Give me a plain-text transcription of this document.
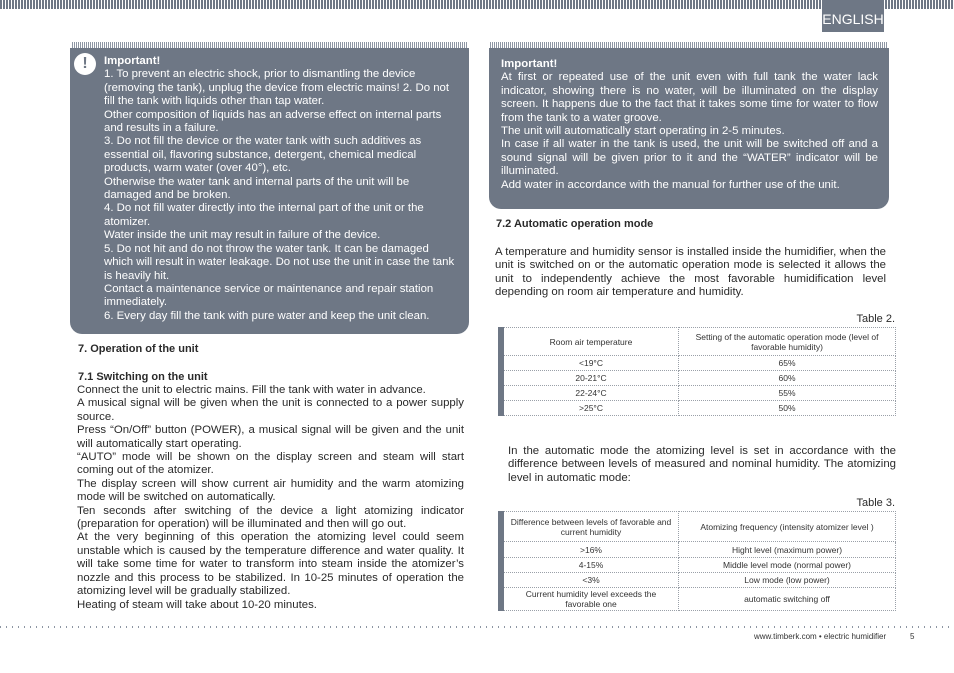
ENGLISH

Important!

1. To prevent an electric shock, prior to dismantling the device (removing the tank), unplug the device from electric mains! 2. Do not fill the tank with liquids other than tap water.

Other composition of liquids has an adverse effect on internal parts and results in a failure.

3. Do not fill the device or the water tank with such additives as essential oil, flavoring substance, detergent, chemical medical products, warm water (over 40°), etc.

Otherwise the water tank and internal parts of the unit will be damaged and be broken.

4. Do not fill water directly into the internal part of the unit or the atomizer.

Water inside the unit may result in failure of the device.

5. Do not hit and do not throw the water tank. It can be damaged which will result in water leakage. Do not use the unit in case the tank is heavily hit.

Contact a maintenance service or maintenance and repair station immediately.

6. Every day fill the tank with pure water and keep the unit clean.

!

7. Operation of the unit

7.1 Switching on the unit

Connect the unit to electric mains. Fill the tank with water in advance.

A musical signal will be given when the unit is connected to a power supply source.

Press “On/Off” button (POWER), a musical signal will be given and the unit will automatically start operating.

“AUTO” mode will be shown on the display screen and steam will start coming out of the atomizer.

The display screen will show current air humidity and the warm atomizing mode will be switched on automatically.

Ten seconds after switching of the device a light atomizing indicator (preparation for operation) will be illuminated and then will go out.

At the very beginning of this operation the atomizing level could seem unstable which is caused by the temperature difference and water quality. It will take some time for water to transform into steam inside the atomizer’s nozzle and this process to be stabilized. In 10-25 minutes of operation the atomizing level will be gradually stabilized.

Heating of steam will take about 10-20 minutes.

Important!

At first or repeated use of the unit even with full tank the water lack indicator, showing there is no water, will be illuminated on the display screen. It happens due to the fact that it takes some time for water to flow from the tank to a water groove.

The unit will automatically start operating in 2-5 minutes.

In case if all water in the tank is used, the unit will be switched off and a sound signal will be given prior to it and the “WATER” indicator will be illuminated.

Add water in accordance with the manual for further use of the unit.

7.2 Automatic operation mode

A temperature and humidity sensor is installed inside the humidifier, when the unit is switched on or the automatic operation mode is selected it allows the unit to independently achieve the most favorable humidification level depending on room air temperature and humidity.

Table 2.

Room air temperature	Setting of the automatic operation mode (level of favorable humidity)
<19°C	65%
20-21°C	60%
22-24°C	55%
>25°C	50%

In the automatic mode the atomizing level is set in accordance with the difference between levels of measured and nominal humidity. The atomizing level in automatic mode:

Table 3.

Difference between levels of favorable and current humidity	Atomizing frequency (intensity atomizer level )
>16%	Hight level (maximum power)
4-15%	Middle level mode (normal power)
<3%	Low mode (low power)
Current humidity level exceeds the favorable one	automatic switching off
www.timberk.com • electric humidifier	5
